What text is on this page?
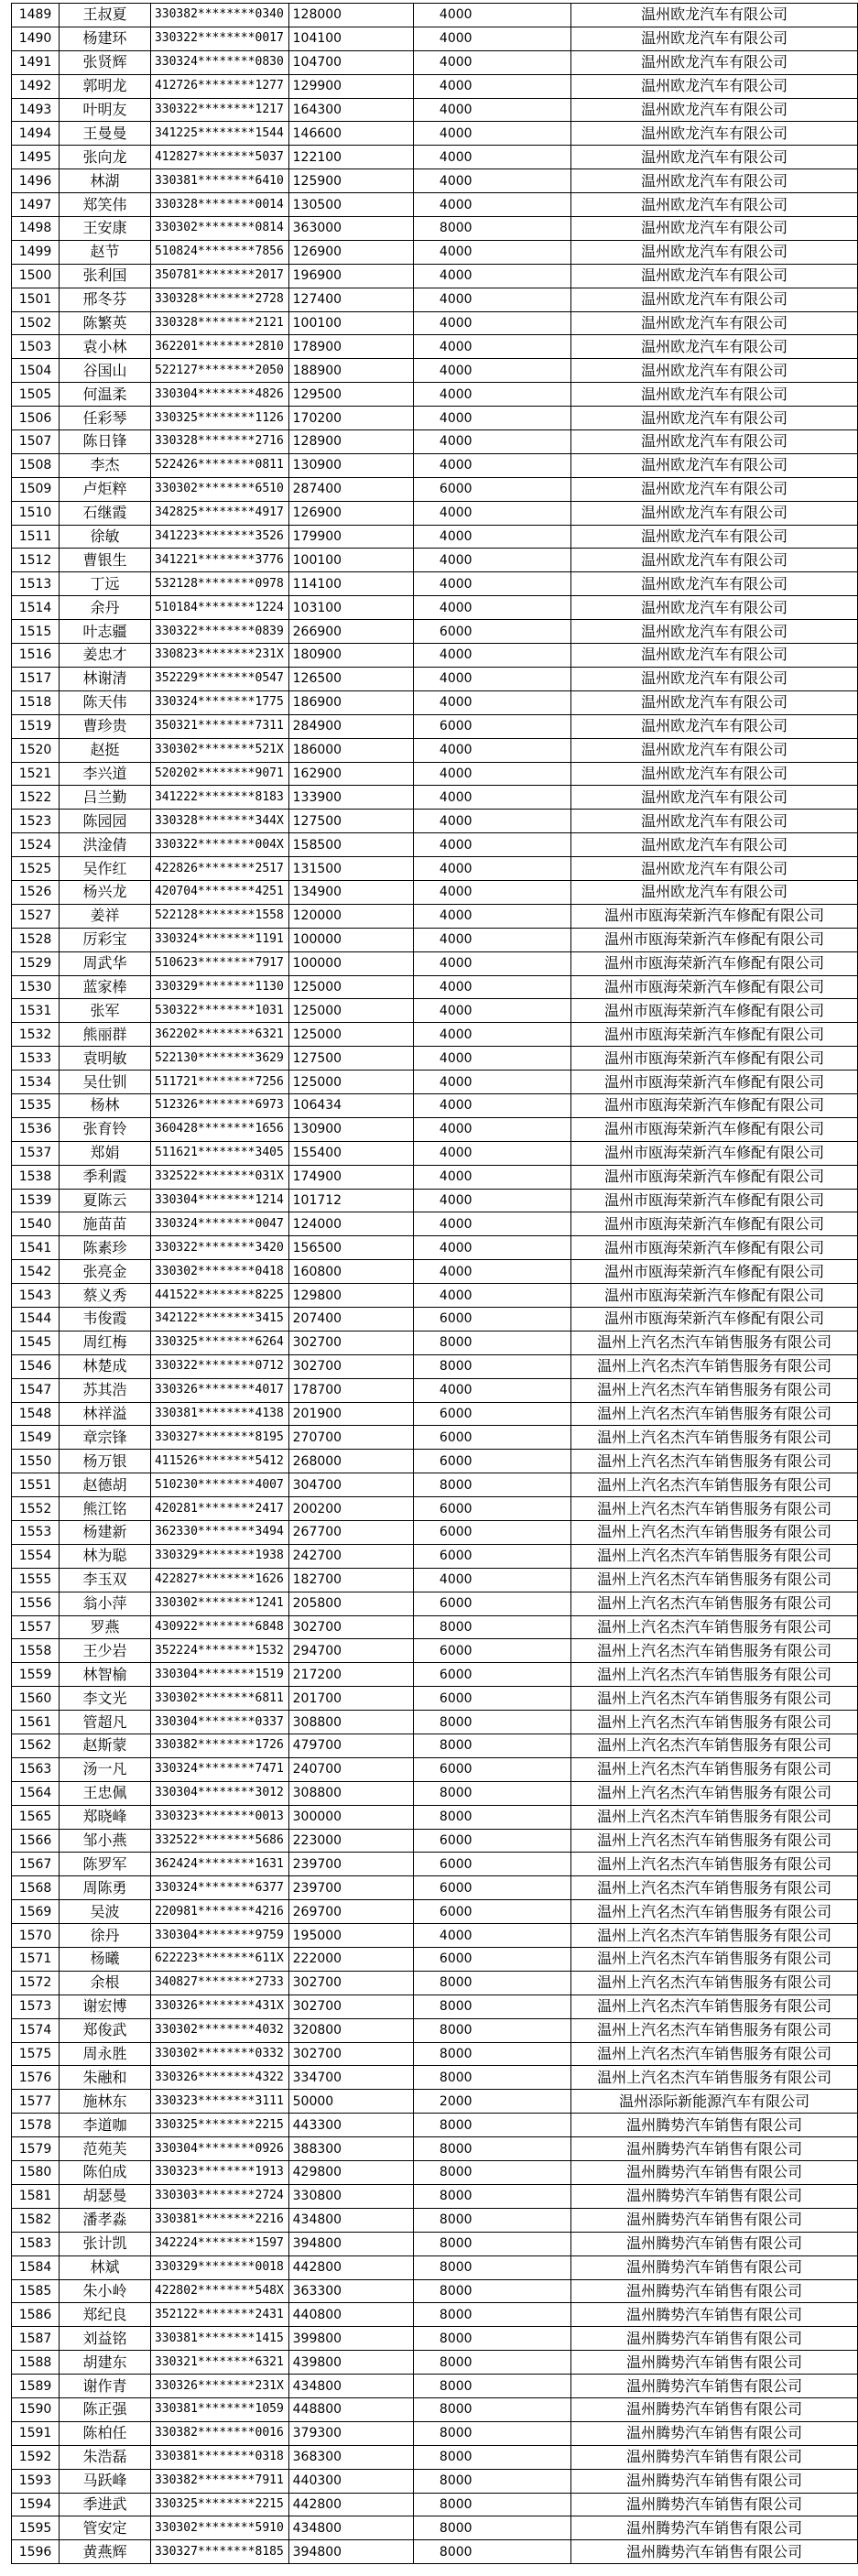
1489	王叔夏	330382********0340	128000	4000	温州欧龙汽车有限公司
1490	杨建环	330322********0017	104100	4000	温州欧龙汽车有限公司
1491	张贤辉	330324********0830	104700	4000	温州欧龙汽车有限公司
1492	郭明龙	412726********1277	129900	4000	温州欧龙汽车有限公司
1493	叶明友	330322********1217	164300	4000	温州欧龙汽车有限公司
1494	王曼曼	341225********1544	146600	4000	温州欧龙汽车有限公司
1495	张向龙	412827********5037	122100	4000	温州欧龙汽车有限公司
1496	林湖	330381********6410	125900	4000	温州欧龙汽车有限公司
1497	郑笑伟	330328********0014	130500	4000	温州欧龙汽车有限公司
1498	王安康	330302********0814	363000	8000	温州欧龙汽车有限公司
1499	赵节	510824********7856	126900	4000	温州欧龙汽车有限公司
1500	张利国	350781********2017	196900	4000	温州欧龙汽车有限公司
1501	邢冬芬	330328********2728	127400	4000	温州欧龙汽车有限公司
1502	陈繁英	330328********2121	100100	4000	温州欧龙汽车有限公司
1503	袁小林	362201********2810	178900	4000	温州欧龙汽车有限公司
1504	谷国山	522127********2050	188900	4000	温州欧龙汽车有限公司
1505	何温柔	330304********4826	129500	4000	温州欧龙汽车有限公司
1506	任彩琴	330325********1126	170200	4000	温州欧龙汽车有限公司
1507	陈日锋	330328********2716	128900	4000	温州欧龙汽车有限公司
1508	李杰	522426********0811	130900	4000	温州欧龙汽车有限公司
1509	卢炬粹	330302********6510	287400	6000	温州欧龙汽车有限公司
1510	石继霞	342825********4917	126900	4000	温州欧龙汽车有限公司
1511	徐敏	341223********3526	179900	4000	温州欧龙汽车有限公司
1512	曹银生	341221********3776	100100	4000	温州欧龙汽车有限公司
1513	丁远	532128********0978	114100	4000	温州欧龙汽车有限公司
1514	余丹	510184********1224	103100	4000	温州欧龙汽车有限公司
1515	叶志疆	330322********0839	266900	6000	温州欧龙汽车有限公司
1516	姜忠才	330823********231X	180900	4000	温州欧龙汽车有限公司
1517	林谢清	352229********0547	126500	4000	温州欧龙汽车有限公司
1518	陈天伟	330324********1775	186900	4000	温州欧龙汽车有限公司
1519	曹珍贵	350321********7311	284900	6000	温州欧龙汽车有限公司
1520	赵挺	330302********521X	186000	4000	温州欧龙汽车有限公司
1521	李兴道	520202********9071	162900	4000	温州欧龙汽车有限公司
1522	吕兰勤	341222********8183	133900	4000	温州欧龙汽车有限公司
1523	陈园园	330328********344X	127500	4000	温州欧龙汽车有限公司
1524	洪淦倩	330322********004X	158500	4000	温州欧龙汽车有限公司
1525	吴作红	422826********2517	131500	4000	温州欧龙汽车有限公司
1526	杨兴龙	420704********4251	134900	4000	温州欧龙汽车有限公司
1527	姜祥	522128********1558	120000	4000	温州市瓯海荣新汽车修配有限公司
1528	厉彩宝	330324********1191	100000	4000	温州市瓯海荣新汽车修配有限公司
1529	周武华	510623********7917	100000	4000	温州市瓯海荣新汽车修配有限公司
1530	蓝家棒	330329********1130	125000	4000	温州市瓯海荣新汽车修配有限公司
1531	张军	530322********1031	125000	4000	温州市瓯海荣新汽车修配有限公司
1532	熊丽群	362202********6321	125000	4000	温州市瓯海荣新汽车修配有限公司
1533	袁明敏	522130********3629	127500	4000	温州市瓯海荣新汽车修配有限公司
1534	吴仕钏	511721********7256	125000	4000	温州市瓯海荣新汽车修配有限公司
1535	杨林	512326********6973	106434	4000	温州市瓯海荣新汽车修配有限公司
1536	张育铃	360428********1656	130900	4000	温州市瓯海荣新汽车修配有限公司
1537	郑娟	511621********3405	155400	4000	温州市瓯海荣新汽车修配有限公司
1538	季利霞	332522********031X	174900	4000	温州市瓯海荣新汽车修配有限公司
1539	夏陈云	330304********1214	101712	4000	温州市瓯海荣新汽车修配有限公司
1540	施苗苗	330324********0047	124000	4000	温州市瓯海荣新汽车修配有限公司
1541	陈素珍	330322********3420	156500	4000	温州市瓯海荣新汽车修配有限公司
1542	张亮金	330302********0418	160800	4000	温州市瓯海荣新汽车修配有限公司
1543	蔡义秀	441522********8225	129800	4000	温州市瓯海荣新汽车修配有限公司
1544	韦俊霞	342122********3415	207400	6000	温州市瓯海荣新汽车修配有限公司
1545	周红梅	330325********6264	302700	8000	温州上汽名杰汽车销售服务有限公司
1546	林楚成	330322********0712	302700	8000	温州上汽名杰汽车销售服务有限公司
1547	苏其浩	330326********4017	178700	4000	温州上汽名杰汽车销售服务有限公司
1548	林祥溢	330381********4138	201900	6000	温州上汽名杰汽车销售服务有限公司
1549	章宗锋	330327********8195	270700	6000	温州上汽名杰汽车销售服务有限公司
1550	杨万银	411526********5412	268000	6000	温州上汽名杰汽车销售服务有限公司
1551	赵德胡	510230********4007	304700	8000	温州上汽名杰汽车销售服务有限公司
1552	熊江铭	420281********2417	200200	6000	温州上汽名杰汽车销售服务有限公司
1553	杨建新	362330********3494	267700	6000	温州上汽名杰汽车销售服务有限公司
1554	林为聪	330329********1938	242700	6000	温州上汽名杰汽车销售服务有限公司
1555	李玉双	422827********1626	182700	4000	温州上汽名杰汽车销售服务有限公司
1556	翁小萍	330302********1241	205800	6000	温州上汽名杰汽车销售服务有限公司
1557	罗燕	430922********6848	302700	8000	温州上汽名杰汽车销售服务有限公司
1558	王少岩	352224********1532	294700	6000	温州上汽名杰汽车销售服务有限公司
1559	林智榆	330304********1519	217200	6000	温州上汽名杰汽车销售服务有限公司
1560	李文光	330302********6811	201700	6000	温州上汽名杰汽车销售服务有限公司
1561	管超凡	330304********0337	308800	8000	温州上汽名杰汽车销售服务有限公司
1562	赵斯蒙	330382********1726	479700	8000	温州上汽名杰汽车销售服务有限公司
1563	汤一凡	330324********7471	240700	6000	温州上汽名杰汽车销售服务有限公司
1564	王忠佩	330304********3012	308800	8000	温州上汽名杰汽车销售服务有限公司
1565	郑晓峰	330323********0013	300000	8000	温州上汽名杰汽车销售服务有限公司
1566	邹小燕	332522********5686	223000	6000	温州上汽名杰汽车销售服务有限公司
1567	陈罗军	362424********1631	239700	6000	温州上汽名杰汽车销售服务有限公司
1568	周陈勇	330324********6377	239700	6000	温州上汽名杰汽车销售服务有限公司
1569	吴波	220981********4216	269700	6000	温州上汽名杰汽车销售服务有限公司
1570	徐丹	330304********9759	195000	4000	温州上汽名杰汽车销售服务有限公司
1571	杨曦	622223********611X	222000	6000	温州上汽名杰汽车销售服务有限公司
1572	余根	340827********2733	302700	8000	温州上汽名杰汽车销售服务有限公司
1573	谢宏博	330326********431X	302700	8000	温州上汽名杰汽车销售服务有限公司
1574	郑俊武	330302********4032	320800	8000	温州上汽名杰汽车销售服务有限公司
1575	周永胜	330302********0332	302700	8000	温州上汽名杰汽车销售服务有限公司
1576	朱融和	330326********4322	334700	8000	温州上汽名杰汽车销售服务有限公司
1577	施林东	330323********3111	50000	2000	温州添际新能源汽车有限公司
1578	李道咖	330325********2215	443300	8000	温州腾势汽车销售有限公司
1579	范苑芙	330304********0926	388300	8000	温州腾势汽车销售有限公司
1580	陈伯成	330323********1913	429800	8000	温州腾势汽车销售有限公司
1581	胡瑟曼	330303********2724	330800	8000	温州腾势汽车销售有限公司
1582	潘孝淼	330381********2216	434800	8000	温州腾势汽车销售有限公司
1583	张计凯	342224********1597	394800	8000	温州腾势汽车销售有限公司
1584	林斌	330329********0018	442800	8000	温州腾势汽车销售有限公司
1585	朱小岭	422802********548X	363300	8000	温州腾势汽车销售有限公司
1586	郑纪良	352122********2431	440800	8000	温州腾势汽车销售有限公司
1587	刘益铭	330381********1415	399800	8000	温州腾势汽车销售有限公司
1588	胡建东	330321********6321	439800	8000	温州腾势汽车销售有限公司
1589	谢作青	330326********231X	434800	8000	温州腾势汽车销售有限公司
1590	陈正强	330381********1059	448800	8000	温州腾势汽车销售有限公司
1591	陈柏任	330382********0016	379300	8000	温州腾势汽车销售有限公司
1592	朱浩磊	330381********0318	368300	8000	温州腾势汽车销售有限公司
1593	马跃峰	330382********7911	440300	8000	温州腾势汽车销售有限公司
1594	季进武	330325********2215	442800	8000	温州腾势汽车销售有限公司
1595	管安定	330302********5910	434800	8000	温州腾势汽车销售有限公司
1596	黄燕辉	330327********8185	394800	8000	温州腾势汽车销售有限公司
